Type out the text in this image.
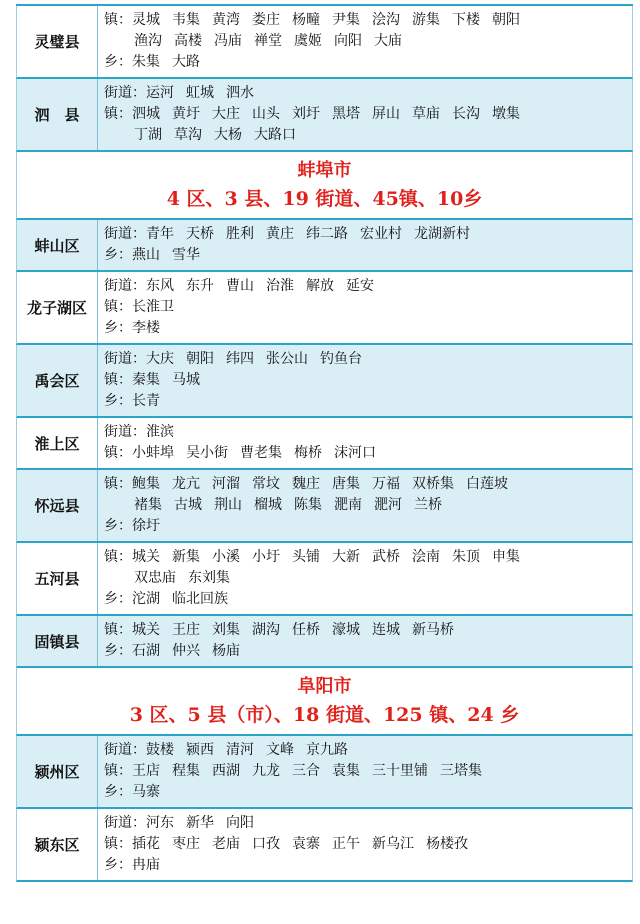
灵璧县
镇：灵城 韦集 黄湾 娄庄 杨疃 尹集 浍沟 游集 下楼 朝阳
渔沟 高楼 冯庙 禅堂 虞姬 向阳 大庙
乡：朱集 大路
泗　县
街道：运河 虹城 泗水
镇：泗城 黄圩 大庄 山头 刘圩 黑塔 屏山 草庙 长沟 墩集
丁湖 草沟 大杨 大路口
蚌埠市
4 区、3 县、19 街道、45镇、10乡
蚌山区
街道：青年 天桥 胜利 黄庄 纬二路 宏业村 龙湖新村
乡：燕山 雪华
龙子湖区
街道：东风 东升 曹山 治淮 解放 延安
镇：长淮卫
乡：李楼
禹会区
街道：大庆 朝阳 纬四 张公山 钓鱼台
镇：秦集 马城
乡：长青
淮上区
街道：淮滨
镇：小蚌埠 吴小街 曹老集 梅桥 沫河口
怀远县
镇：鲍集 龙亢 河溜 常坟 魏庄 唐集 万福 双桥集 白莲坡
褚集 古城 荆山 榴城 陈集 淝南 淝河 兰桥
乡：徐圩
五河县
镇：城关 新集 小溪 小圩 头铺 大新 武桥 浍南 朱顶 申集
双忠庙 东刘集
乡：沱湖 临北回族
固镇县
镇：城关 王庄 刘集 湖沟 任桥 濠城 连城 新马桥
乡：石湖 仲兴 杨庙
阜阳市
3 区、5 县（市）、18 街道、125 镇、24 乡
颍州区
街道：鼓楼 颍西 清河 文峰 京九路
镇：王店 程集 西湖 九龙 三合 袁集 三十里铺 三塔集
乡：马寨
颍东区
街道：河东 新华 向阳
镇：插花 枣庄 老庙 口孜 袁寨 正午 新乌江 杨楼孜
乡：冉庙
